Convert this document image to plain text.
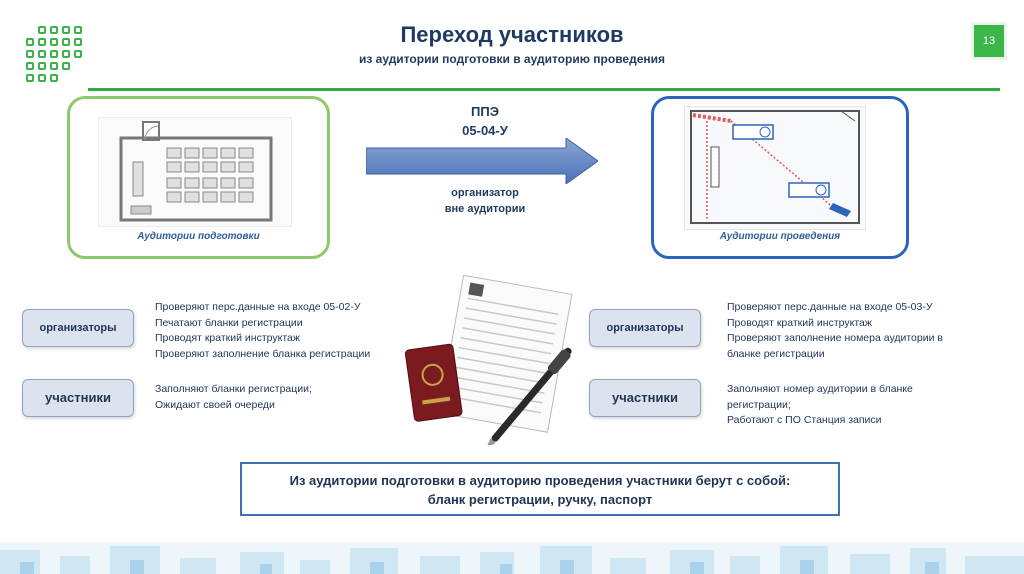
Переход участников
из аудитории подготовки в аудиторию проведения
13
Аудитории подготовки
ППЭ
05-04-У
организатор
вне аудитории
Аудитории проведения
организаторы
Проверяют перс.данные на входе 05-02-У
Печатают бланки регистрации
Проводят краткий инструктаж
Проверяют заполнение бланка регистрации
участники
Заполняют бланки регистрации;
Ожидают своей очереди
организаторы
Проверяют перс.данные на входе 05-03-У
Проводят краткий инструктаж
Проверяют заполнение номера аудитории в
бланке регистрации
участники
Заполняют номер аудитории в бланке
регистрации;
Работают с ПО Станция записи
Из аудитории подготовки в аудиторию проведения участники берут с собой:
бланк регистрации, ручку, паспорт
